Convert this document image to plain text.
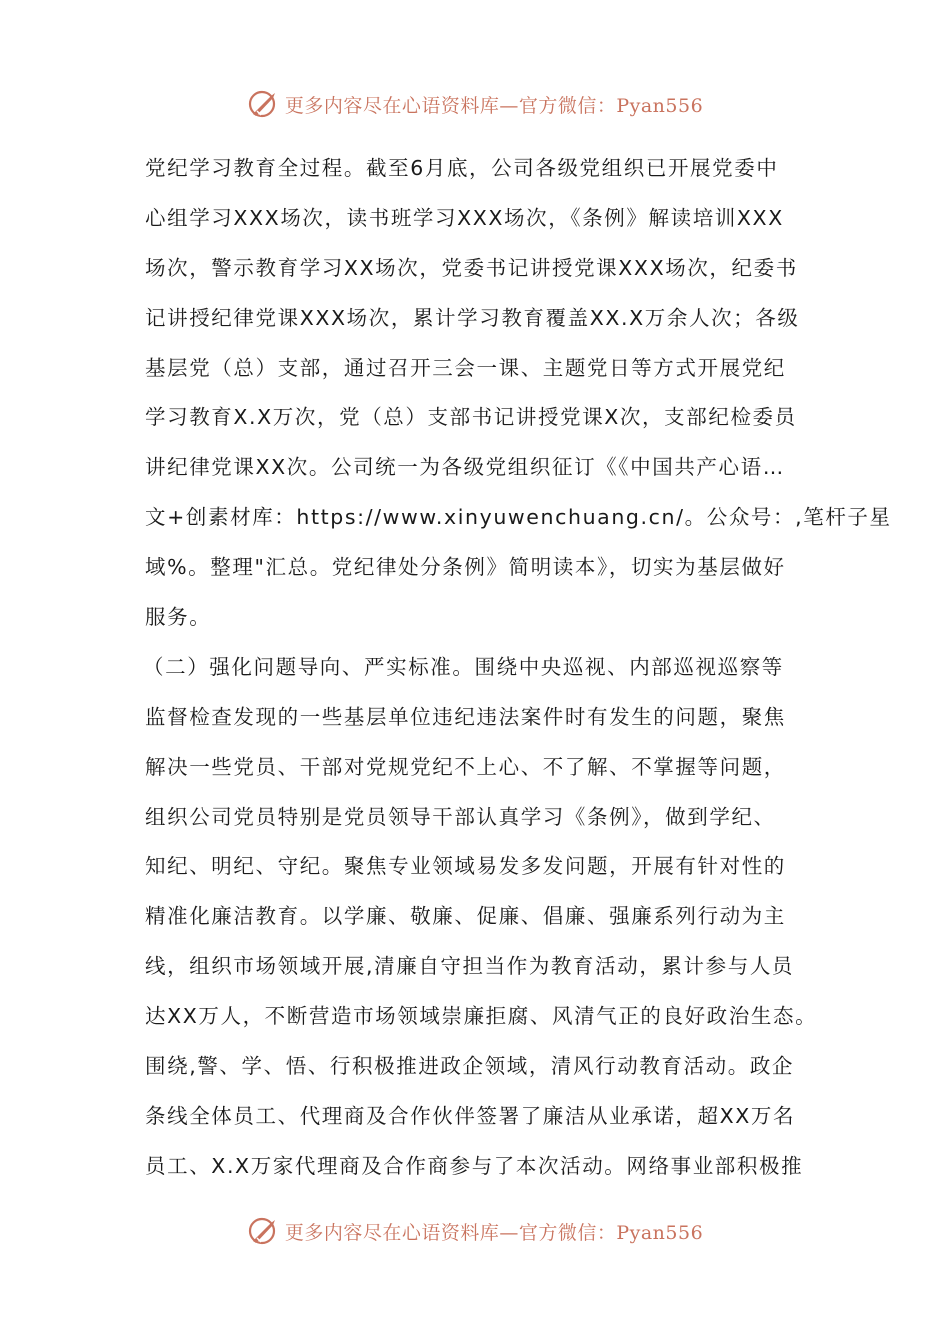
更多内容尽在心语资料库—官方微信：Pyan556
党纪学习教育全过程。截至6月底，公司各级党组织已开展党委中
心组学习XXX场次，读书班学习XXX场次，《条例》解读培训XXX
场次，警示教育学习XX场次，党委书记讲授党课XXX场次，纪委书
记讲授纪律党课XXX场次，累计学习教育覆盖XX.X万余人次；各级
基层党（总）支部，通过召开三会一课、主题党日等方式开展党纪
学习教育X.X万次，党（总）支部书记讲授党课X次，支部纪检委员
讲纪律党课XX次。公司统一为各级党组织征订《《中国共产心语…
文+创素材库：https://www.xinyuwenchuang.cn/。公众号：,笔杆子星
域%。整理"汇总。党纪律处分条例》简明读本》，切实为基层做好
服务。
（二）强化问题导向、严实标准。围绕中央巡视、内部巡视巡察等
监督检查发现的一些基层单位违纪违法案件时有发生的问题，聚焦
解决一些党员、干部对党规党纪不上心、不了解、不掌握等问题，
组织公司党员特别是党员领导干部认真学习《条例》，做到学纪、
知纪、明纪、守纪。聚焦专业领域易发多发问题，开展有针对性的
精准化廉洁教育。以学廉、敬廉、促廉、倡廉、强廉系列行动为主
线，组织市场领域开展,清廉自守担当作为教育活动，累计参与人员
达XX万人，不断营造市场领域崇廉拒腐、风清气正的良好政治生态。
围绕,警、学、悟、行积极推进政企领域，清风行动教育活动。政企
条线全体员工、代理商及合作伙伴签署了廉洁从业承诺，超XX万名
员工、X.X万家代理商及合作商参与了本次活动。网络事业部积极推
更多内容尽在心语资料库—官方微信：Pyan556
